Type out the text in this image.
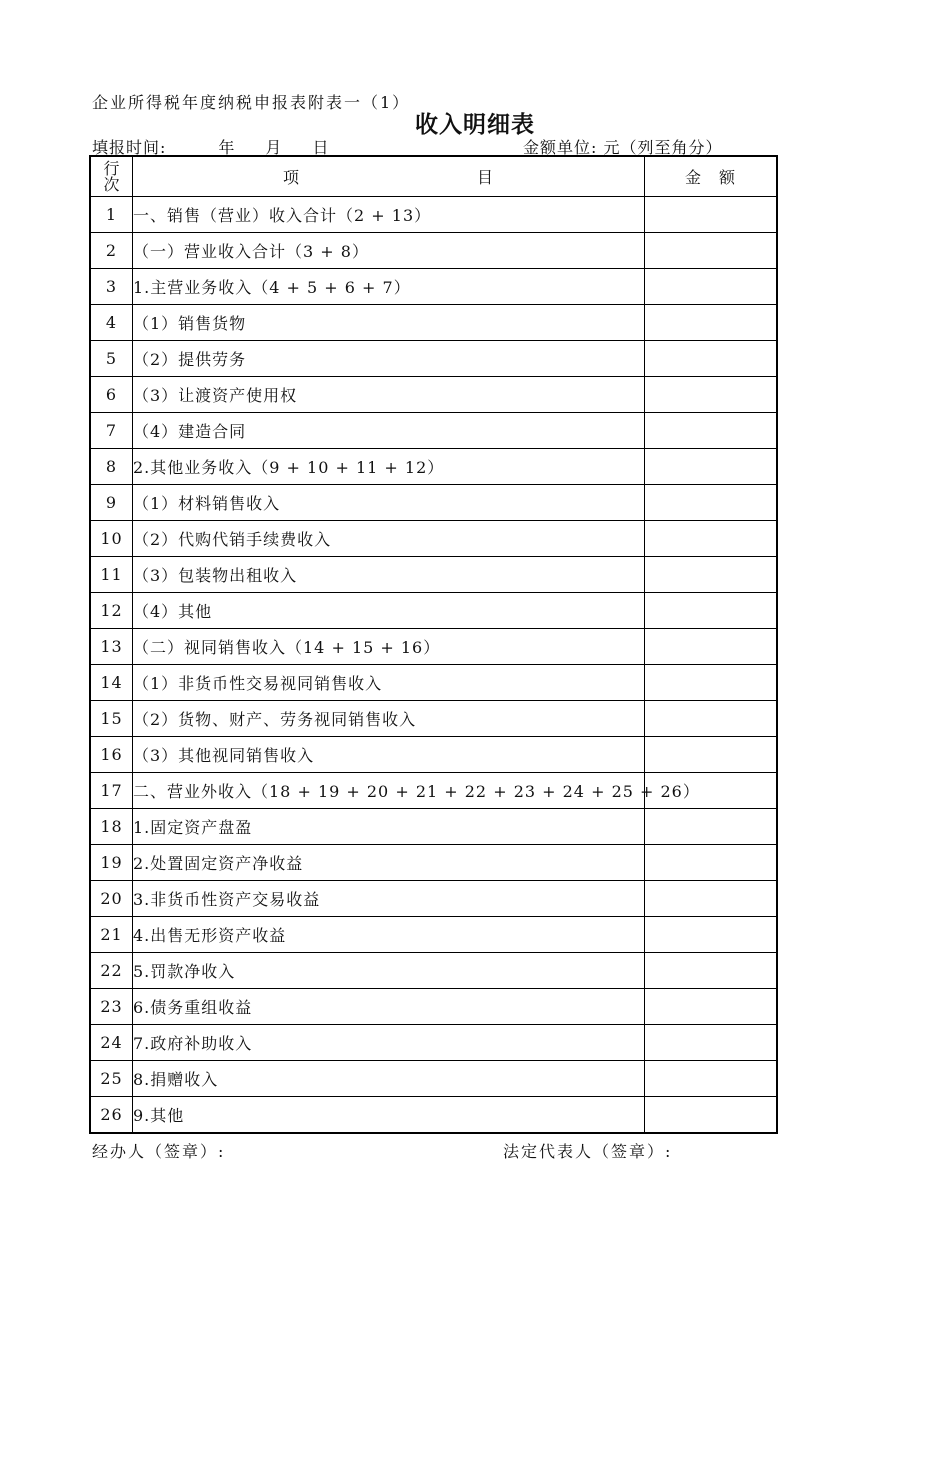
企业所得税年度纳税申报表附表一（1）
收入明细表
填报时间:	年 月 日	金额单位: 元（列至角分）
行次	项 目	金　额
1	一、销售（营业）收入合计（2 + 13）	
2	（一）营业收入合计（3 + 8）	
3	1.主营业务收入（4 + 5 + 6 + 7）	
4	（1）销售货物	
5	（2）提供劳务	
6	（3）让渡资产使用权	
7	（4）建造合同	
8	2.其他业务收入（9 + 10 + 11 + 12）	
9	（1）材料销售收入	
10	（2）代购代销手续费收入	
11	（3）包装物出租收入	
12	（4）其他	
13	（二）视同销售收入（14 + 15 + 16）	
14	（1）非货币性交易视同销售收入	
15	（2）货物、财产、劳务视同销售收入	
16	（3）其他视同销售收入	
17	二、营业外收入（18 + 19 + 20 + 21 + 22 + 23 + 24 + 25 + 26）	
18	1.固定资产盘盈	
19	2.处置固定资产净收益	
20	3.非货币性资产交易收益	
21	4.出售无形资产收益	
22	5.罚款净收入	
23	6.债务重组收益	
24	7.政府补助收入	
25	8.捐赠收入	
26	9.其他	
经办人（签章）:	法定代表人（签章）:
